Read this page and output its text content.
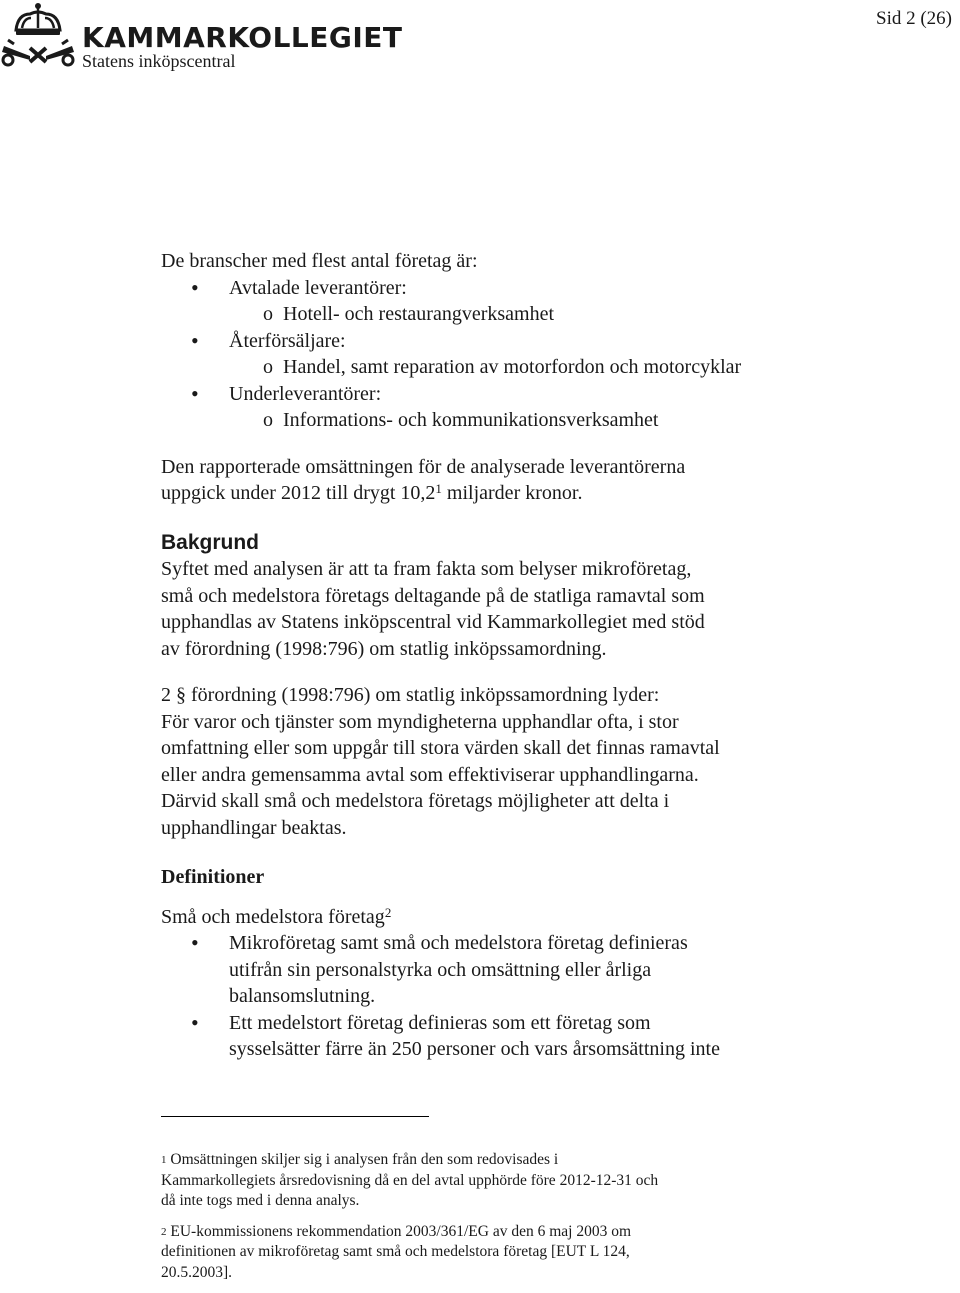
KAMMARKOLLEGIET
Statens inköpscentral
Sid 2 (26)

De branscher med flest antal företag är:

• Avtalade leverantörer:
o Hotell- och restaurangverksamhet
• Återförsäljare:
o Handel, samt reparation av motorfordon och motorcyklar
• Underleverantörer:
o Informations- och kommunikationsverksamhet

Den rapporterade omsättningen för de analyserade leverantörerna
uppgick under 2012 till drygt 10,2$^1$ miljarder kronor.

Bakgrund

Syftet med analysen är att ta fram fakta som belyser mikroföretag,
små och medelstora företags deltagande på de statliga ramavtal som
upphandlas av Statens inköpscentral vid Kammarkollegiet med stöd
av förordning (1998:796) om statlig inköpssamordning.

2 § förordning (1998:796) om statlig inköpssamordning lyder:
För varor och tjänster som myndigheterna upphandlar ofta, i stor
omfattning eller som uppgår till stora värden skall det finnas ramavtal
eller andra gemensamma avtal som effektiviserar upphandlingarna.
Därvid skall små och medelstora företags möjligheter att delta i
upphandlingar beaktas.

Definitioner

Små och medelstora företag$^2$

• Mikroföretag samt små och medelstora företag definieras
utifrån sin personalstyrka och omsättning eller årliga
balansomslutning.
• Ett medelstort företag definieras som ett företag som
sysselsätter färre än 250 personer och vars årsomsättning inte

$^1$ Omsättningen skiljer sig i analysen från den som redovisades i
Kammarkollegiets årsredovisning då en del avtal upphörde före 2012-12-31 och
då inte togs med i denna analys.

$^2$ EU-kommissionens rekommendation 2003/361/EG av den 6 maj 2003 om
definitionen av mikroföretag samt små och medelstora företag [EUT L 124,
20.5.2003].
